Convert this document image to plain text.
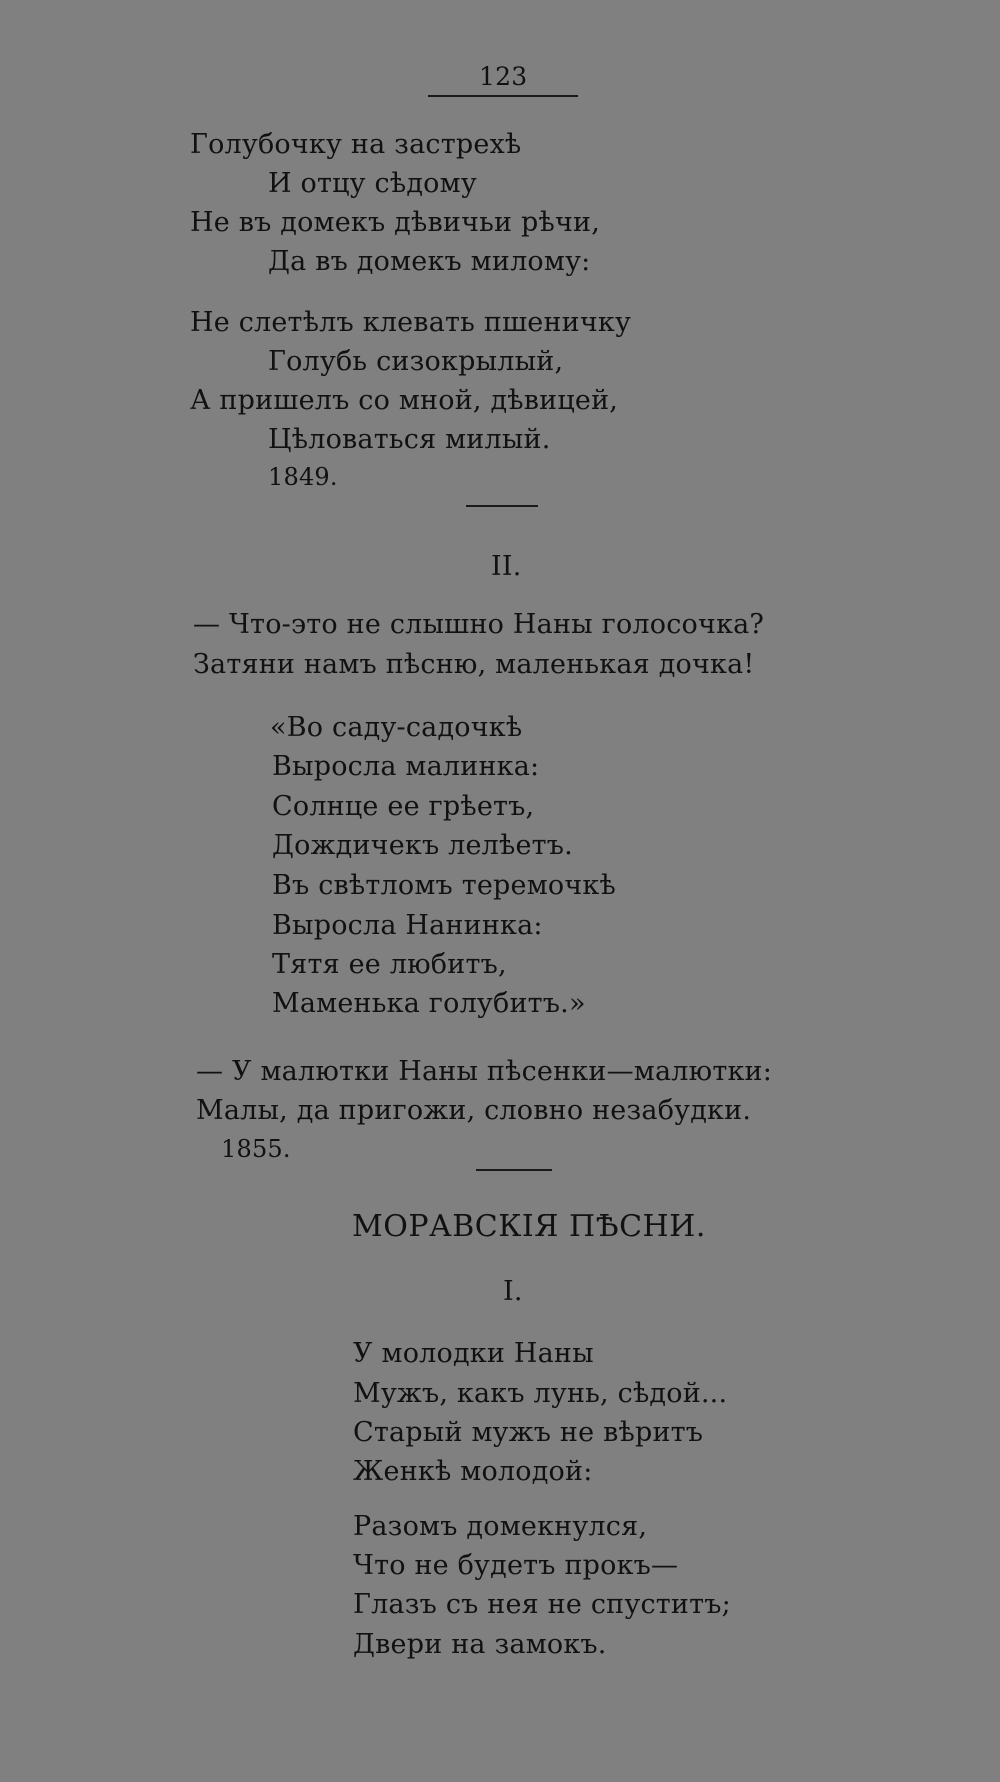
123
Голубочку на застрехѣ
И отцу сѣдому
Не въ домекъ дѣвичьи рѣчи,
Да въ домекъ милому:
Не слетѣлъ клевать пшеничку
Голубь сизокрылый,
А пришелъ со мной, дѣвицей,
Цѣловаться милый.
1849.
II.
— Что-это не слышно Наны голосочка?
Затяни намъ пѣсню, маленькая дочка!
«Во саду-садочкѣ
Выросла малинка:
Солнце ее грѣетъ,
Дождичекъ лелѣетъ.
Въ свѣтломъ теремочкѣ
Выросла Нанинка:
Тятя ее любитъ,
Маменька голубитъ.»
— У малютки Наны пѣсенки—малютки:
Малы, да пригожи, словно незабудки.
1855.
МОРАВСКІЯ ПѢСНИ.
I.
У молодки Наны
Мужъ, какъ лунь, сѣдой...
Старый мужъ не вѣритъ
Женкѣ молодой:
Разомъ домекнулся,
Что не будетъ прокъ—
Глазъ съ нея не спуститъ;
Двери на замокъ.
